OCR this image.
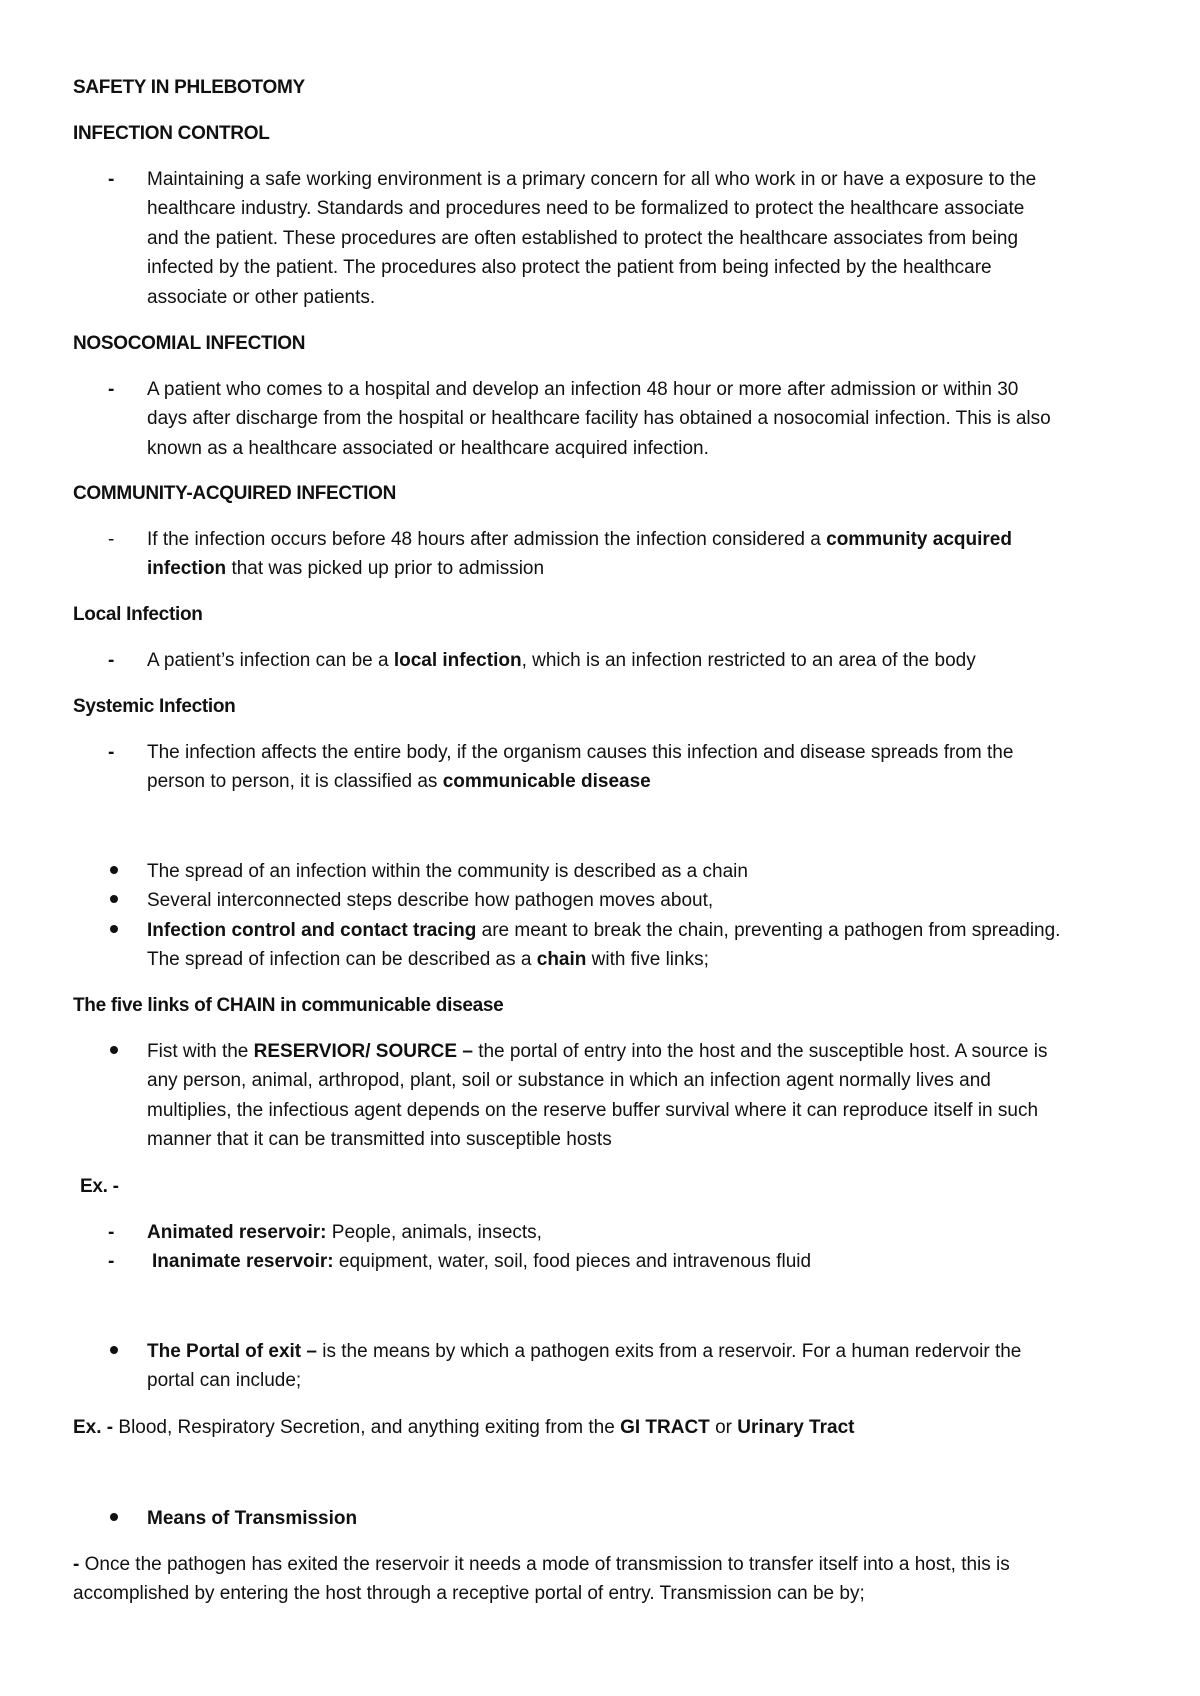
SAFETY IN PHLEBOTOMY
INFECTION CONTROL
- Maintaining a safe working environment is a primary concern for all who work in or have a exposure to the
healthcare industry. Standards and procedures need to be formalized to protect the healthcare associate
and the patient. These procedures are often established to protect the healthcare associates from being
infected by the patient. The procedures also protect the patient from being infected by the healthcare
associate or other patients.
NOSOCOMIAL INFECTION
- A patient who comes to a hospital and develop an infection 48 hour or more after admission or within 30
days after discharge from the hospital or healthcare facility has obtained a nosocomial infection. This is also
known as a healthcare associated or healthcare acquired infection.
COMMUNITY-ACQUIRED INFECTION
- If the infection occurs before 48 hours after admission the infection considered a community acquired
infection that was picked up prior to admission
Local Infection
- A patient’s infection can be a local infection, which is an infection restricted to an area of the body
Systemic Infection
- The infection affects the entire body, if the organism causes this infection and disease spreads from the
person to person, it is classified as communicable disease
The spread of an infection within the community is described as a chain
Several interconnected steps describe how pathogen moves about,
Infection control and contact tracing are meant to break the chain, preventing a pathogen from spreading.
The spread of infection can be described as a chain with five links;
The five links of CHAIN in communicable disease
Fist with the RESERVIOR/ SOURCE – the portal of entry into the host and the susceptible host. A source is
any person, animal, arthropod, plant, soil or substance in which an infection agent normally lives and
multiplies, the infectious agent depends on the reserve buffer survival where it can reproduce itself in such
manner that it can be transmitted into susceptible hosts
Ex. -
- Animated reservoir: People, animals, insects,
- Inanimate reservoir: equipment, water, soil, food pieces and intravenous fluid
The Portal of exit – is the means by which a pathogen exits from a reservoir. For a human redervoir the
portal can include;
Ex. - Blood, Respiratory Secretion, and anything exiting from the GI TRACT or Urinary Tract
Means of Transmission
- Once the pathogen has exited the reservoir it needs a mode of transmission to transfer itself into a host, this is
accomplished by entering the host through a receptive portal of entry. Transmission can be by;
